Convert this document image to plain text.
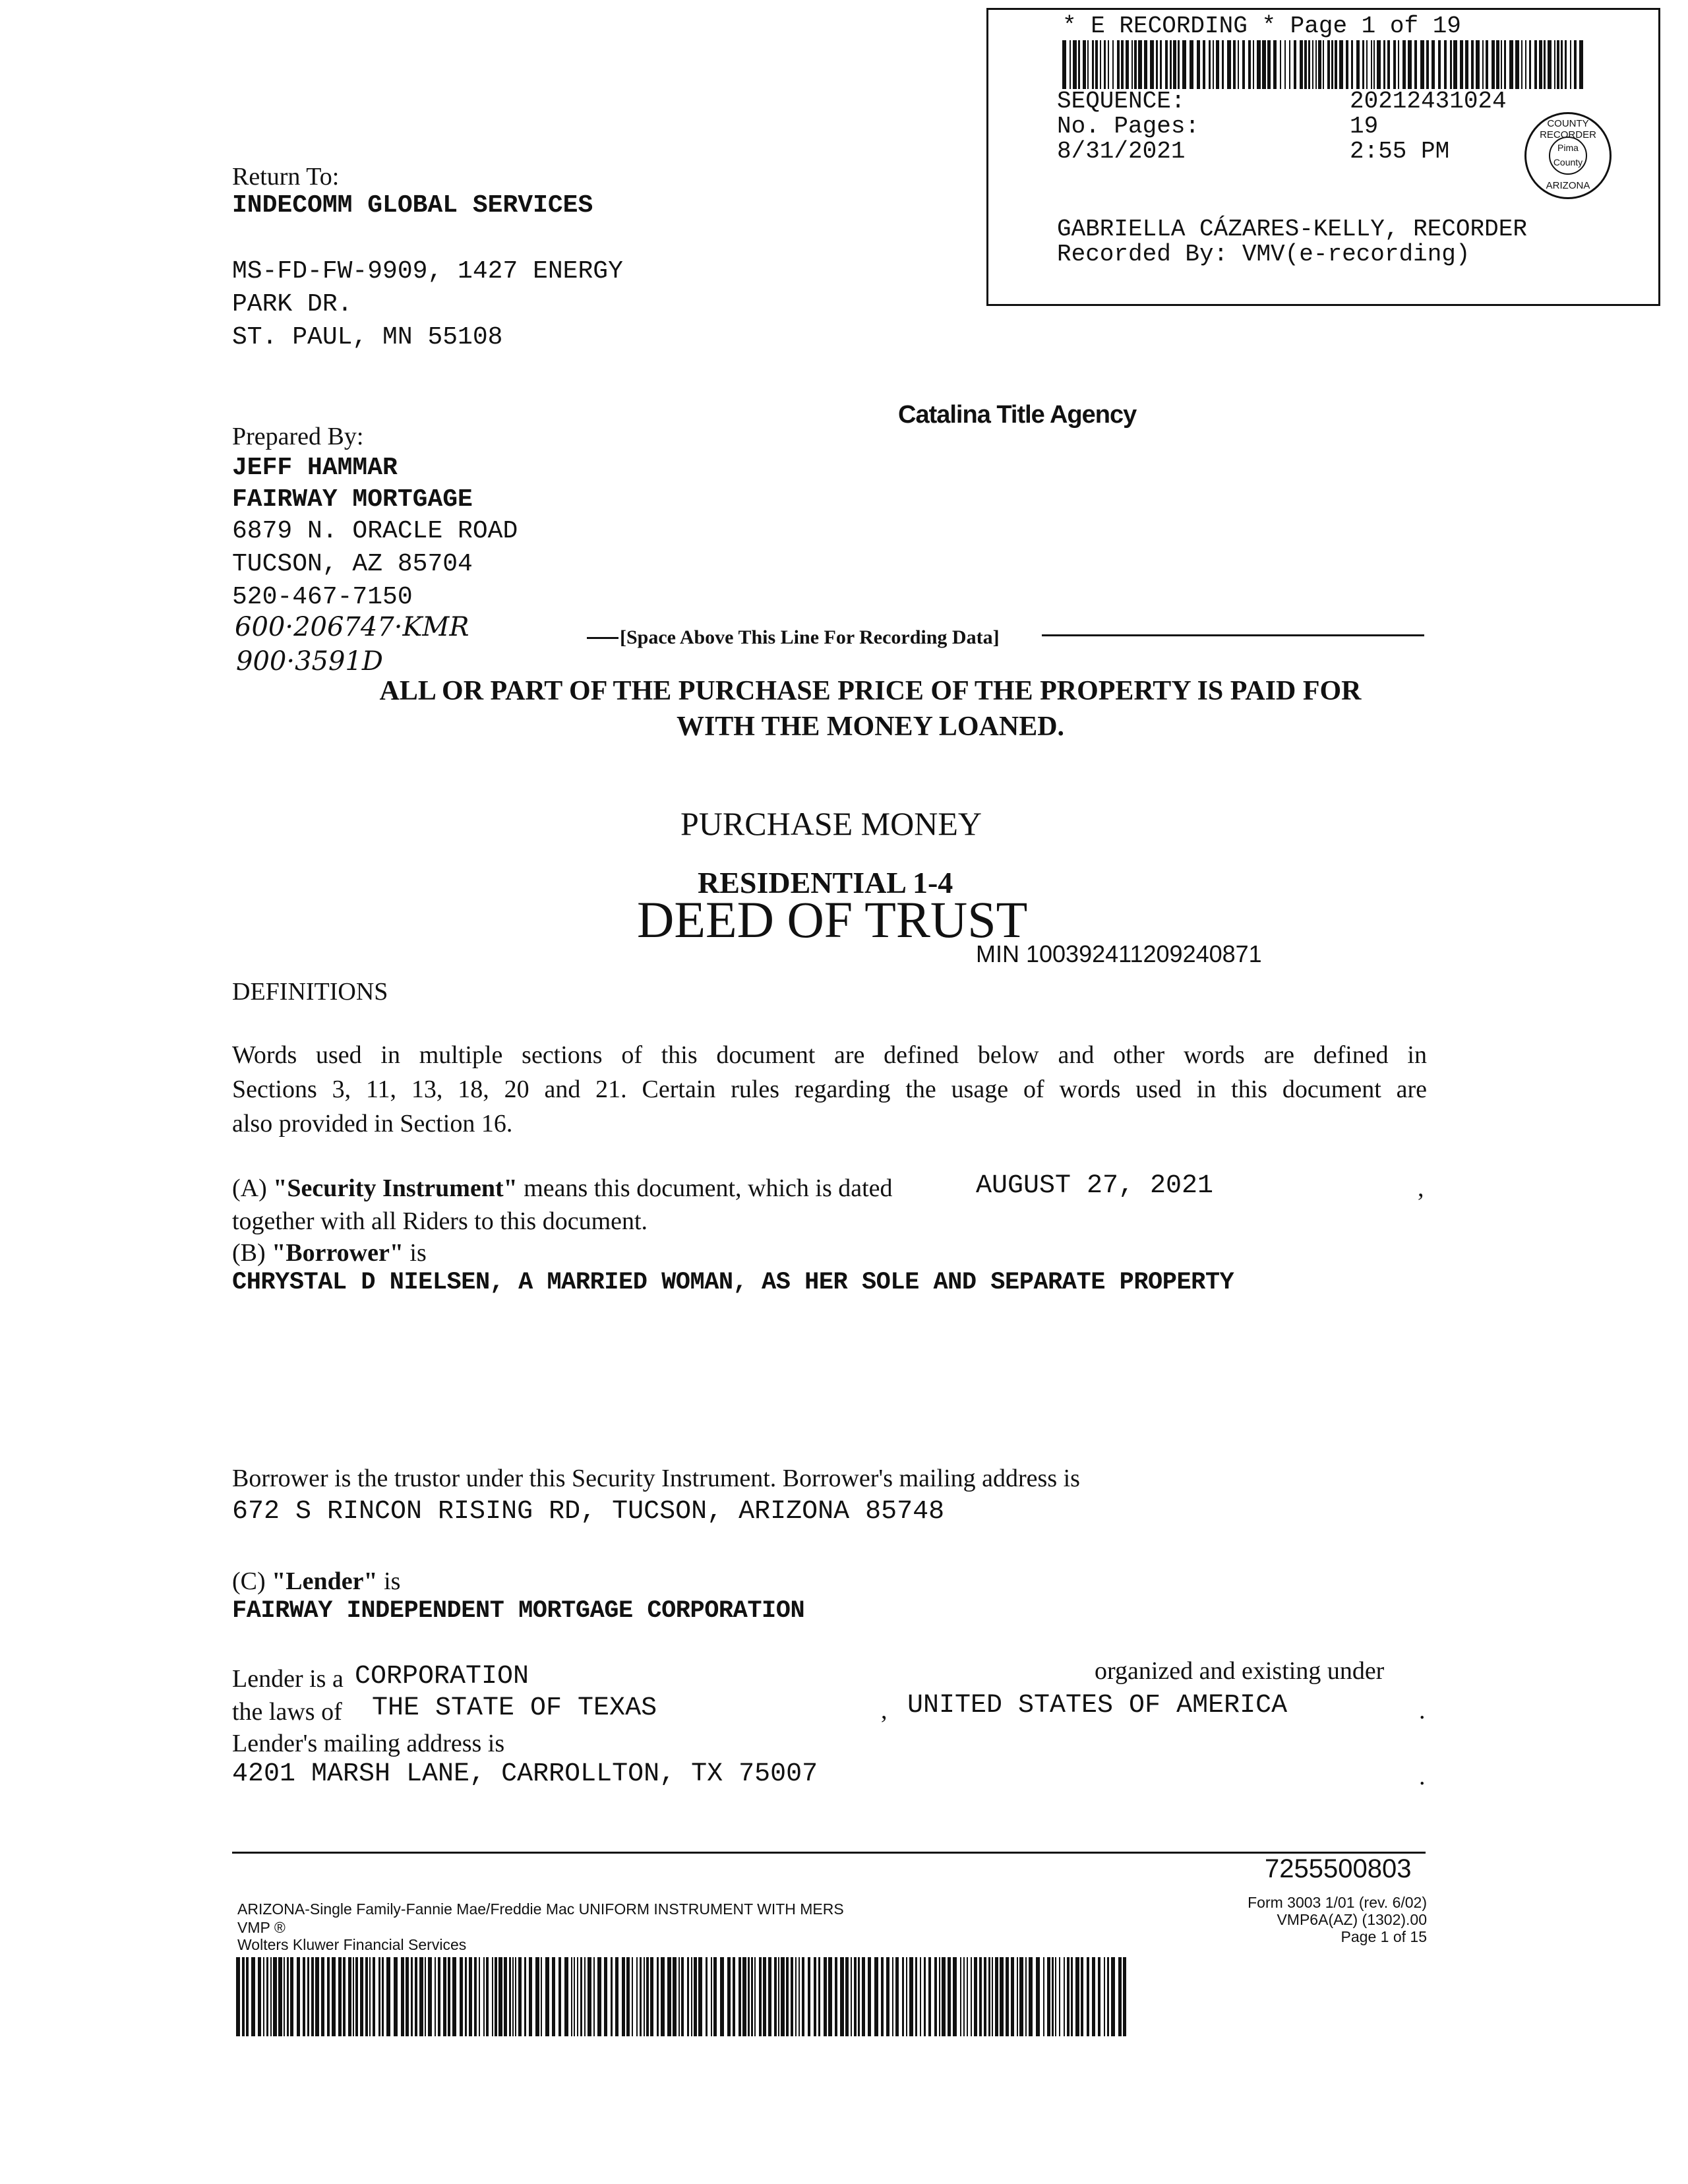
* E RECORDING * Page 1 of 19
SEQUENCE:	20212431024
No. Pages:	19
8/31/2021	2:55 PM
GABRIELLA CÁZARES-KELLY, RECORDER
Recorded By: VMV(e-recording)
COUNTY RECORDER
Pima
County
ARIZONA
Return To:
INDECOMM GLOBAL SERVICES
MS-FD-FW-9909, 1427 ENERGY
PARK DR.
ST. PAUL, MN 55108
Catalina Title Agency
Prepared By:
JEFF HAMMAR
FAIRWAY MORTGAGE
6879 N. ORACLE ROAD
TUCSON, AZ 85704
520-467-7150
600·206747·KMR
900·3591D
[Space Above This Line For Recording Data]
ALL OR PART OF THE PURCHASE PRICE OF THE PROPERTY IS PAID FOR
WITH THE MONEY LOANED.
PURCHASE MONEY
RESIDENTIAL 1-4
DEED OF TRUST
MIN 100392411209240871
DEFINITIONS
Words used in multiple sections of this document are defined below and other words are defined in
Sections 3, 11, 13, 18, 20 and 21. Certain rules regarding the usage of words used in this document are
also provided in Section 16.
(A) "Security Instrument" means this document, which is dated	AUGUST 27, 2021	,
together with all Riders to this document.
(B) "Borrower" is
CHRYSTAL D NIELSEN, A MARRIED WOMAN, AS HER SOLE AND SEPARATE PROPERTY
Borrower is the trustor under this Security Instrument. Borrower's mailing address is
672 S RINCON RISING RD, TUCSON, ARIZONA 85748
(C) "Lender" is
FAIRWAY INDEPENDENT MORTGAGE CORPORATION
Lender is a CORPORATION	organized and existing under
the laws of THE STATE OF TEXAS	, UNITED STATES OF AMERICA	.
Lender's mailing address is
4201 MARSH LANE, CARROLLTON, TX 75007	.
7255500803
ARIZONA-Single Family-Fannie Mae/Freddie Mac UNIFORM INSTRUMENT WITH MERS
VMP ®
Wolters Kluwer Financial Services
Form 3003 1/01 (rev. 6/02)
VMP6A(AZ) (1302).00
Page 1 of 15
